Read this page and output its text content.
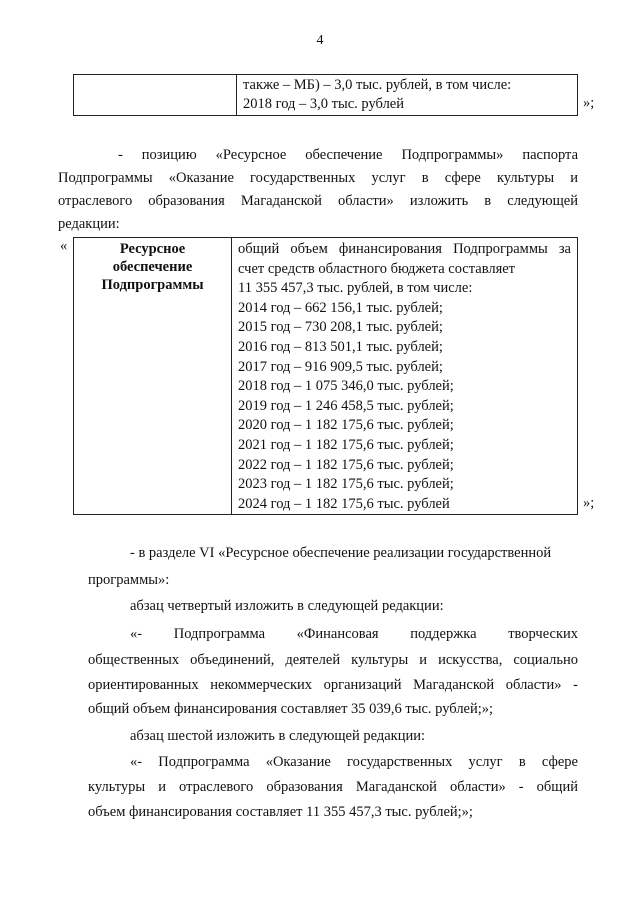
4

также – МБ) – 3,0 тыс. рублей, в том числе:
2018 год – 3,0 тыс. рублей	»;
- позицию «Ресурсное обеспечение Подпрограммы» паспорта
Подпрограммы «Оказание государственных услуг в сфере культуры и
отраслевого образования Магаданской области» изложить в следующей
редакции:
«	Ресурсное
обеспечение
Подпрограммы

общий объем финансирования Подпрограммы за
счет средств областного бюджета составляет
11 355 457,3 тыс. рублей, в том числе:
2014 год – 662 156,1 тыс. рублей;
2015 год – 730 208,1 тыс. рублей;
2016 год – 813 501,1 тыс. рублей;
2017 год – 916 909,5 тыс. рублей;
2018 год – 1 075 346,0 тыс. рублей;
2019 год – 1 246 458,5 тыс. рублей;
2020 год – 1 182 175,6 тыс. рублей;
2021 год – 1 182 175,6 тыс. рублей;
2022 год – 1 182 175,6 тыс. рублей;
2023 год – 1 182 175,6 тыс. рублей;
2024 год – 1 182 175,6 тыс. рублей	»;
- в разделе VI «Ресурсное обеспечение реализации государственной
программы»:
абзац четвертый изложить в следующей редакции:
«- Подпрограмма «Финансовая поддержка творческих
общественных объединений, деятелей культуры и искусства, социально
ориентированных некоммерческих организаций Магаданской области» -
общий объем финансирования составляет 35 039,6 тыс. рублей;»;
абзац шестой изложить в следующей редакции:
«- Подпрограмма «Оказание государственных услуг в сфере
культуры и отраслевого образования Магаданской области» - общий
объем финансирования составляет 11 355 457,3 тыс. рублей;»;
